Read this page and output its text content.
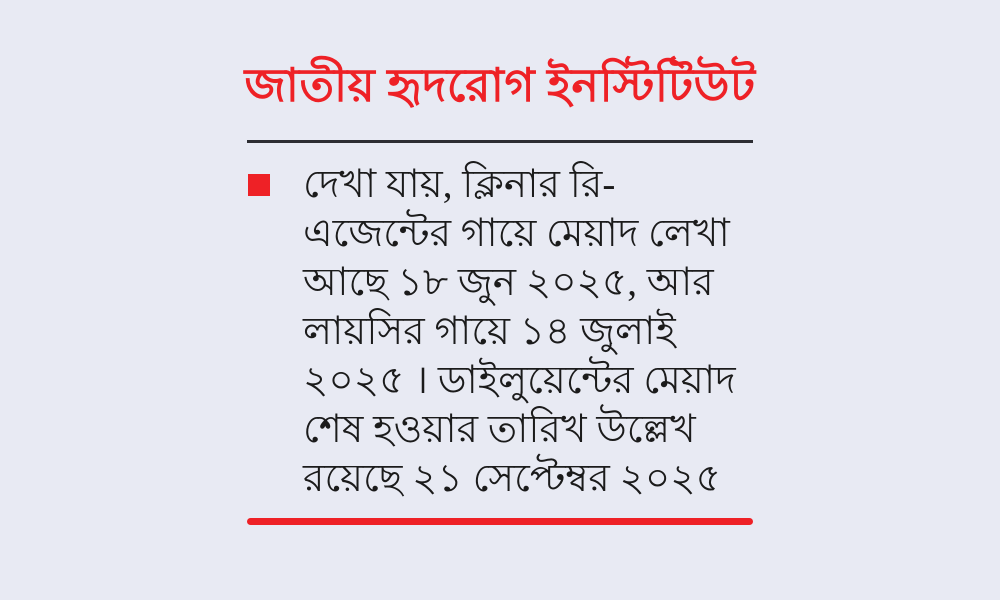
জাতীয় হৃদরোগ ইনস্টিটিউট
দেখা যায়, ক্লিনার রি-
এজেন্টের গায়ে মেয়াদ লেখা
আছে ১৮ জুন ২০২৫, আর
লায়সির গায়ে ১৪ জুলাই
২০২৫ । ডাইলুয়েন্টের মেয়াদ
শেষ হওয়ার তারিখ উল্লেখ
রয়েছে ২১ সেপ্টেম্বর ২০২৫
